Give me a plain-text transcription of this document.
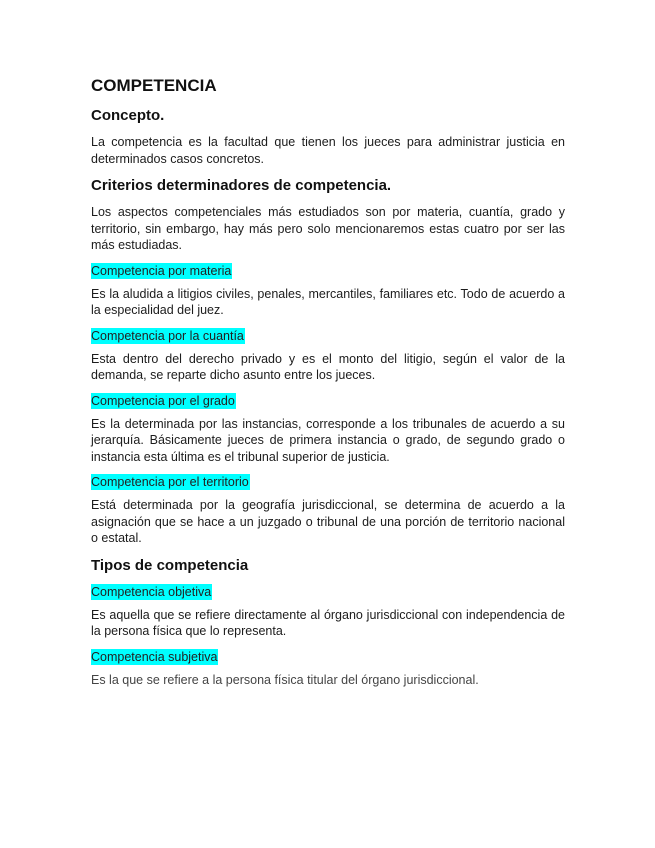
COMPETENCIA
Concepto.

La competencia es la facultad que tienen los jueces para administrar justicia en determinados casos concretos.

Criterios determinadores de competencia.

Los aspectos competenciales más estudiados son por materia, cuantía, grado y territorio, sin embargo, hay más pero solo mencionaremos estas cuatro por ser las más estudiadas.

Competencia por materia

Es la aludida a litigios civiles, penales, mercantiles, familiares etc. Todo de acuerdo a la especialidad del juez.

Competencia por la cuantía

Esta dentro del derecho privado y es el monto del litigio, según el valor de la demanda, se reparte dicho asunto entre los jueces.

Competencia por el grado

Es la determinada por las instancias, corresponde a los tribunales de acuerdo a su jerarquía. Básicamente jueces de primera instancia o grado, de segundo grado o instancia esta última es el tribunal superior de justicia.

Competencia por el territorio

Está determinada por la geografía jurisdiccional, se determina de acuerdo a la asignación que se hace a un juzgado o tribunal de una porción de territorio nacional o estatal.

Tipos de competencia
Competencia objetiva

Es aquella que se refiere directamente al órgano jurisdiccional con independencia de la persona física que lo representa.

Competencia subjetiva

Es la que se refiere a la persona física titular del órgano jurisdiccional.
